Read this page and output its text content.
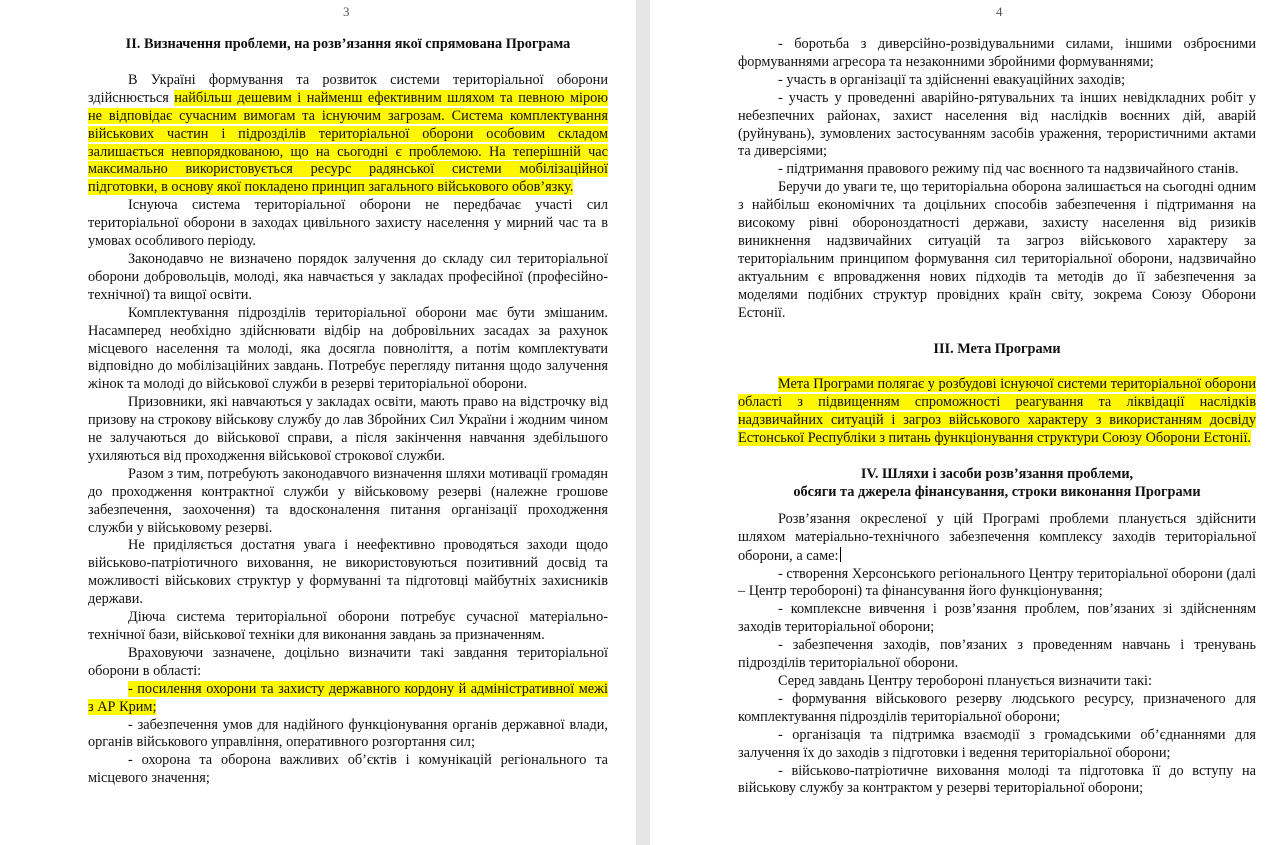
3	4
ІІ. Визначення проблеми, на розв’язання якої спрямована Програма

В Україні формування та розвиток системи територіальної оборони здійснюється найбільш дешевим і найменш ефективним шляхом та певною мірою не відповідає сучасним вимогам та існуючим загрозам. Система комплектування військових частин і підрозділів територіальної оборони особовим складом залишається невпорядкованою, що на сьогодні є проблемою. На теперішній час максимально використовується ресурс радянської системи мобілізаційної підготовки, в основу якої покладено принцип загального військового обов’язку.

Існуюча система територіальної оборони не передбачає участі сил територіальної оборони в заходах цивільного захисту населення у мирний час та в умовах особливого періоду.

Законодавчо не визначено порядок залучення до складу сил територіальної оборони добровольців, молоді, яка навчається у закладах професійної (професійно-технічної) та вищої освіти.

Комплектування підрозділів територіальної оборони має бути змішаним. Насамперед необхідно здійснювати відбір на добровільних засадах за рахунок місцевого населення та молоді, яка досягла повноліття, а потім комплектувати відповідно до мобілізаційних завдань. Потребує перегляду питання щодо залучення жінок та молоді до військової служби в резерві територіальної оборони.

Призовники, які навчаються у закладах освіти, мають право на відстрочку від призову на строкову військову службу до лав Збройних Сил України і жодним чином не залучаються до військової справи, а після закінчення навчання здебільшого ухиляються від проходження військової строкової служби.

Разом з тим, потребують законодавчого визначення шляхи мотивації громадян до проходження контрактної служби у військовому резерві (належне грошове забезпечення, заохочення) та вдосконалення питання організації проходження служби у військовому резерві.

Не приділяється достатня увага і неефективно проводяться заходи щодо військово-патріотичного виховання, не використовуються позитивний досвід та можливості військових структур у формуванні та підготовці майбутніх захисників держави.

Діюча система територіальної оборони потребує сучасної матеріально-технічної бази, військової техніки для виконання завдань за призначенням.

Враховуючи зазначене, доцільно визначити такі завдання територіальної оборони в області:

- посилення охорони та захисту державного кордону й адміністративної межі з АР Крим;

- забезпечення умов для надійного функціонування органів державної влади, органів військового управління, оперативного розгортання сил;

- охорона та оборона важливих об’єктів і комунікацій регіонального та місцевого значення;

- боротьба з диверсійно-розвідувальними силами, іншими озброєними формуваннями агресора та незаконними збройними формуваннями;

- участь в організації та здійсненні евакуаційних заходів;

- участь у проведенні аварійно-рятувальних та інших невідкладних робіт у небезпечних районах, захист населення від наслідків воєнних дій, аварій (руйнувань), зумовлених застосуванням засобів ураження, терористичними актами та диверсіями;

- підтримання правового режиму під час воєнного та надзвичайного станів.

Беручи до уваги те, що територіальна оборона залишається на сьогодні одним з найбільш економічних та доцільних способів забезпечення і підтримання на високому рівні обороноздатності держави, захисту населення від ризиків виникнення надзвичайних ситуацій та загроз військового характеру за територіальним принципом формування сил територіальної оборони, надзвичайно актуальним є впровадження нових підходів та методів до її забезпечення за моделями подібних структур провідних країн світу, зокрема Союзу Оборони Естонії.

ІІІ. Мета Програми

Мета Програми полягає у розбудові існуючої системи територіальної оборони області з підвищенням спроможності реагування та ліквідації наслідків надзвичайних ситуацій і загроз військового характеру з використанням досвіду Естонської Республіки з питань функціонування структури Союзу Оборони Естонії.

IV. Шляхи і засоби розв’язання проблеми,
обсяги та джерела фінансування, строки виконання Програми

Розв’язання окресленої у цій Програмі проблеми планується здійснити шляхом матеріально-технічного забезпечення комплексу заходів територіальної оборони, а саме:

- створення Херсонського регіонального Центру територіальної оборони (далі – Центр теробороні) та фінансування його функціонування;

- комплексне вивчення і розв’язання проблем, пов’язаних зі здійсненням заходів територіальної оборони;

- забезпечення заходів, пов’язаних з проведенням навчань і тренувань підрозділів територіальної оборони.

Серед завдань Центру теробороні планується визначити такі:

- формування військового резерву людського ресурсу, призначеного для комплектування підрозділів територіальної оборони;

- організація та підтримка взаємодії з громадськими об’єднаннями для залучення їх до заходів з підготовки і ведення територіальної оборони;

- військово-патріотичне виховання молоді та підготовка її до вступу на військову службу за контрактом у резерві територіальної оборони;
